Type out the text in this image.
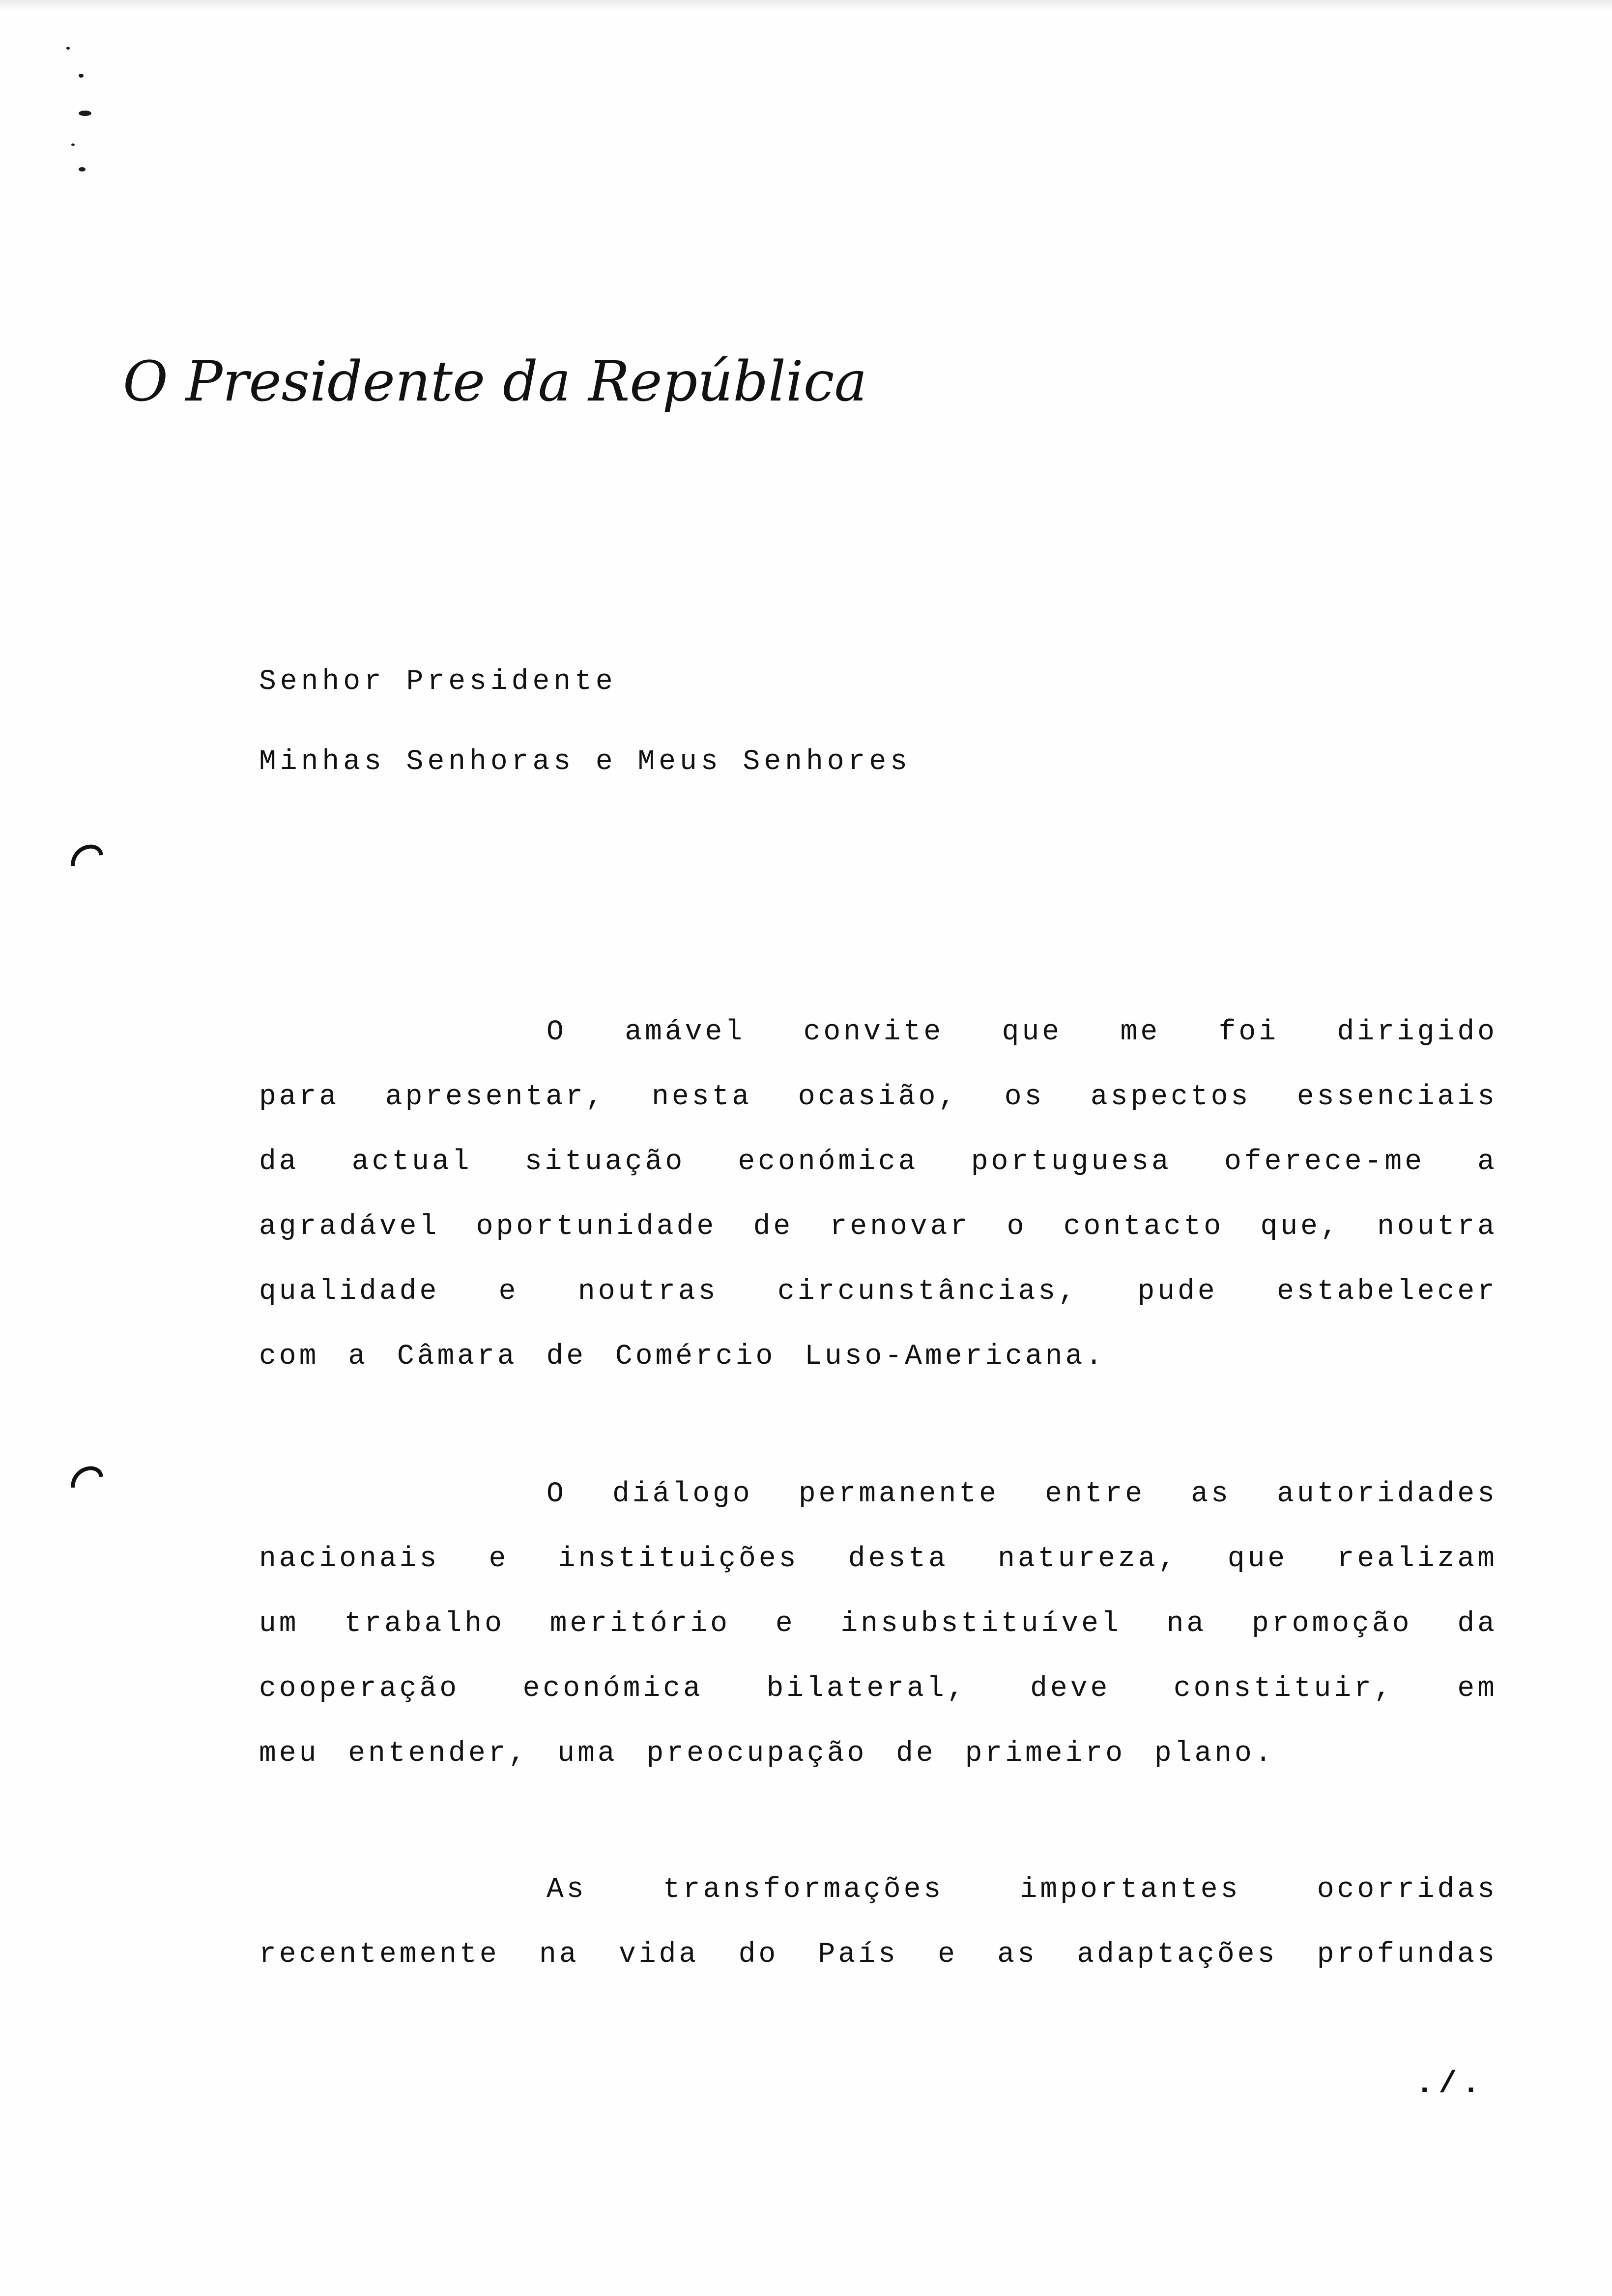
O Presidente da República
Senhor Presidente
Minhas Senhoras e Meus Senhores
O amável convite que me foi dirigido
para apresentar, nesta ocasião, os aspectos essenciais
da actual situação económica portuguesa oferece-me a
agradável oportunidade de renovar o contacto que, noutra
qualidade e noutras circunstâncias, pude estabelecer
com a Câmara de Comércio Luso-Americana.
O diálogo permanente entre as autoridades
nacionais e instituições desta natureza, que realizam
um trabalho meritório e insubstituível na promoção da
cooperação económica bilateral, deve constituir, em
meu entender, uma preocupação de primeiro plano.
As	transformações	importantes	ocorridas
recentemente na vida do País e as adaptações profundas
./.
